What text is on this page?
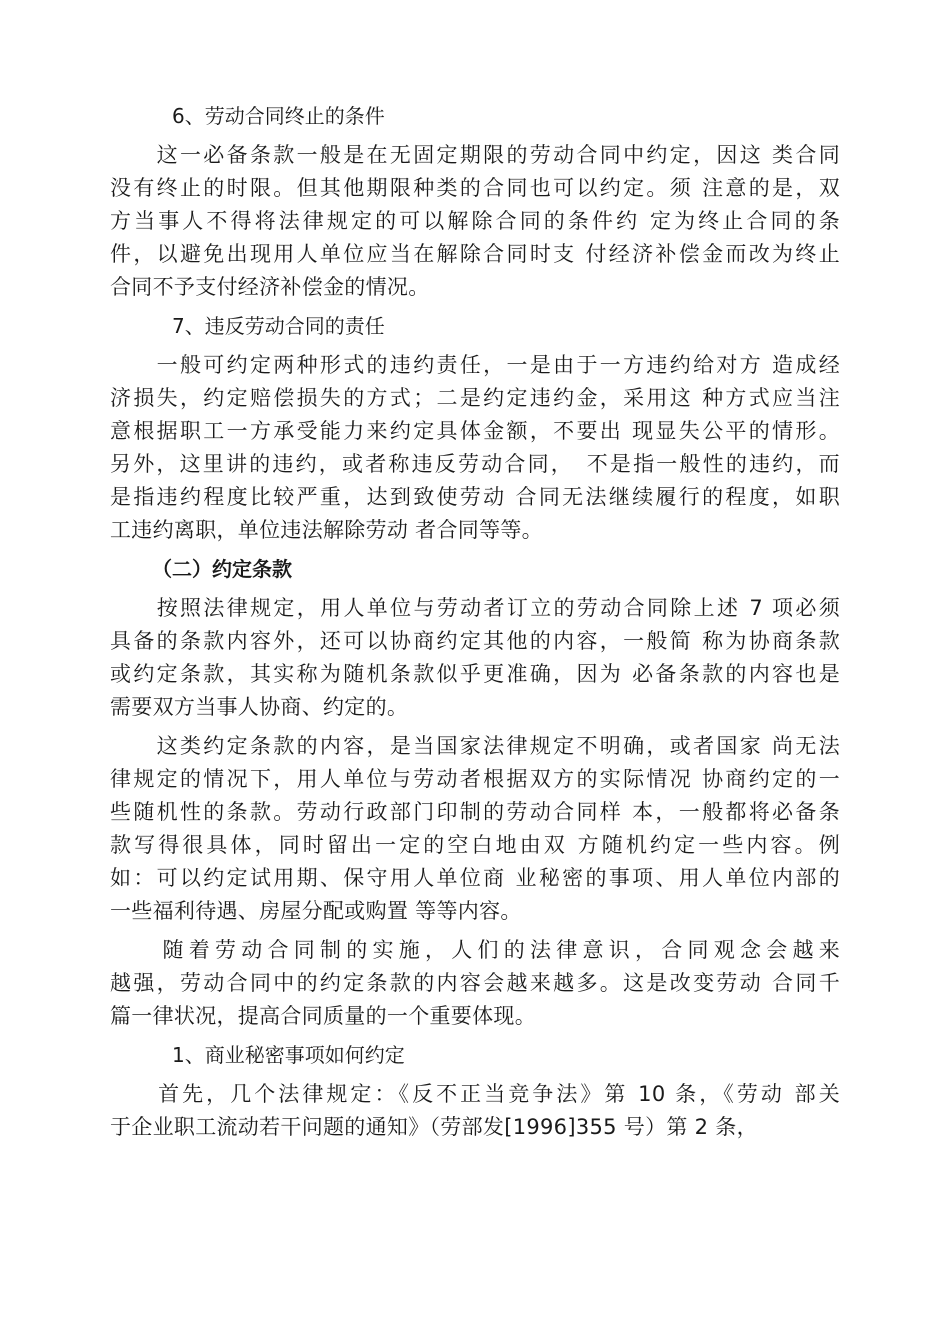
6、劳动合同终止的条件
　　这一必备条款一般是在无固定期限的劳动合同中约定，因这 类合同
没有终止的时限。但其他期限种类的合同也可以约定。须 注意的是，双
方当事人不得将法律规定的可以解除合同的条件约 定为终止合同的条
件，以避免出现用人单位应当在解除合同时支 付经济补偿金而改为终止
合同不予支付经济补偿金的情况。
7、违反劳动合同的责任
　　一般可约定两种形式的违约责任，一是由于一方违约给对方 造成经
济损失，约定赔偿损失的方式；二是约定违约金，采用这 种方式应当注
意根据职工一方承受能力来约定具体金额，不要出 现显失公平的情形。
另外，这里讲的违约，或者称违反劳动合同，　不是指一般性的违约，而
是指违约程度比较严重，达到致使劳动 合同无法继续履行的程度，如职
工违约离职，单位违法解除劳动 者合同等等。
（二）约定条款
　　按照法律规定，用人单位与劳动者订立的劳动合同除上述 7 项必须
具备的条款内容外，还可以协商约定其他的内容，一般简 称为协商条款
或约定条款，其实称为随机条款似乎更准确，因为 必备条款的内容也是
需要双方当事人协商、约定的。
　　这类约定条款的内容，是当国家法律规定不明确，或者国家 尚无法
律规定的情况下，用人单位与劳动者根据双方的实际情况 协商约定的一
些随机性的条款。劳动行政部门印制的劳动合同样 本，一般都将必备条
款写得很具体，同时留出一定的空白地由双 方随机约定一些内容。例
如：可以约定试用期、保守用人单位商 业秘密的事项、用人单位内部的
一些福利待遇、房屋分配或购置 等等内容。
　　随着劳动合同制的实施，人们的法律意识，合同观念会越来
越强，劳动合同中的约定条款的内容会越来越多。这是改变劳动 合同千
篇一律状况，提高合同质量的一个重要体现。
1、商业秘密事项如何约定
　　首先，几个法律规定：《反不正当竞争法》第 10 条，《劳动 部关
于企业职工流动若干问题的通知》（劳部发[1996]355 号）第 2 条，
